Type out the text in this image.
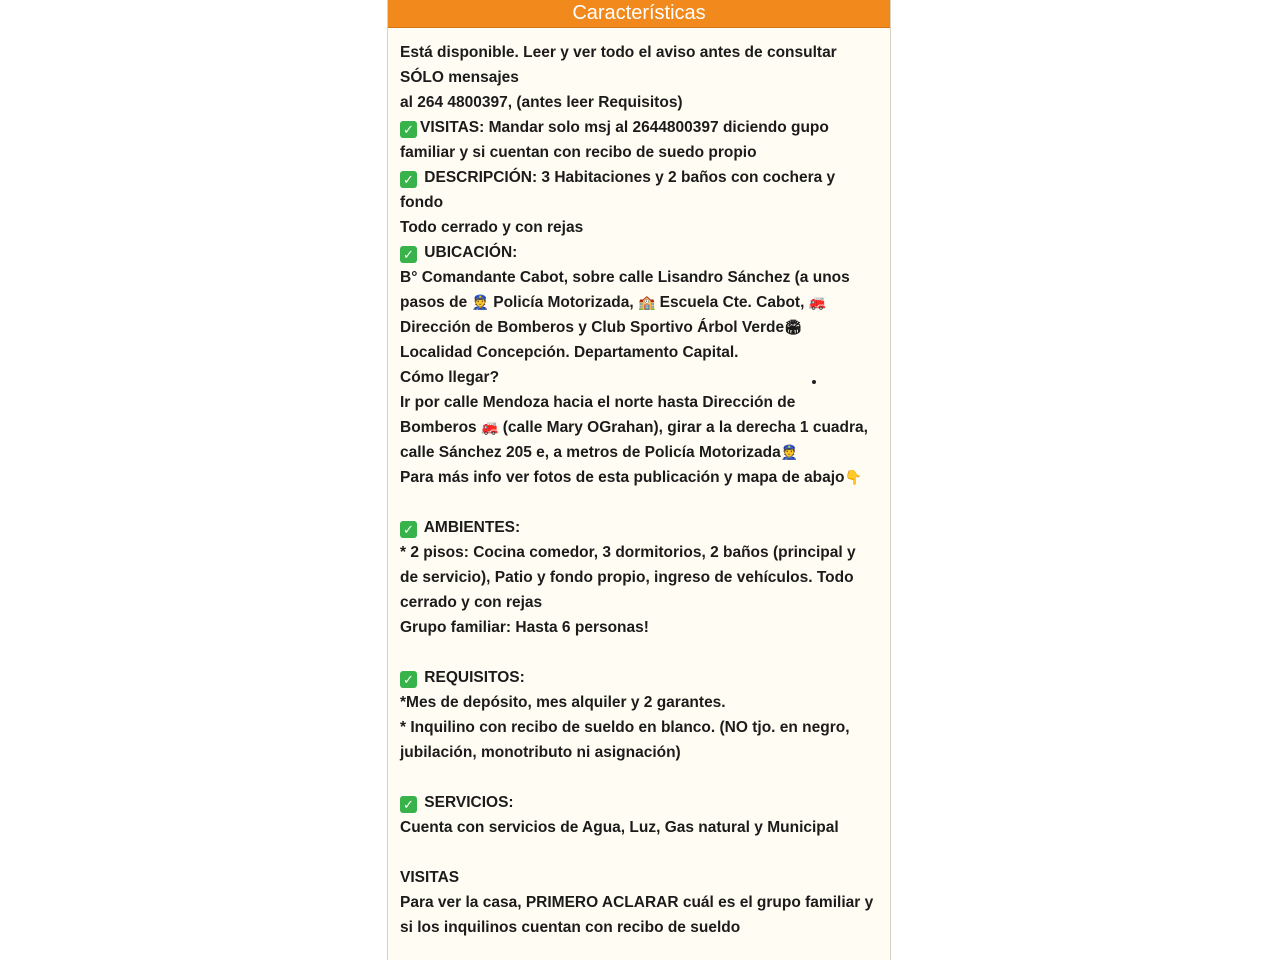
Características
Está disponible. Leer y ver todo el aviso antes de consultar
SÓLO mensajes
al 264 4800397, (antes leer Requisitos)
✓ VISITAS: Mandar solo msj al 2644800397 diciendo gupo
familiar y si cuentan con recibo de suedo propio
✓ DESCRIPCIÓN: 3 Habitaciones y 2 baños con cochera y
fondo
Todo cerrado y con rejas
✓ UBICACIÓN:
B° Comandante Cabot, sobre calle Lisandro Sánchez (a unos
pasos de 👮 Policía Motorizada, 🏫 Escuela Cte. Cabot, 🚒
Dirección de Bomberos y Club Sportivo Árbol Verde🏟
Localidad Concepción. Departamento Capital.
Cómo llegar?
Ir por calle Mendoza hacia el norte hasta Dirección de
Bomberos 🚒 (calle Mary OGrahan), girar a la derecha 1 cuadra,
calle Sánchez 205 e, a metros de Policía Motorizada👮
Para más info ver fotos de esta publicación y mapa de abajo👇
✓ AMBIENTES:
* 2 pisos: Cocina comedor, 3 dormitorios, 2 baños (principal y
de servicio), Patio y fondo propio, ingreso de vehículos. Todo
cerrado y con rejas
Grupo familiar: Hasta 6 personas!
✓ REQUISITOS:
*Mes de depósito, mes alquiler y 2 garantes.
* Inquilino con recibo de sueldo en blanco. (NO tjo. en negro,
jubilación, monotributo ni asignación)
✓ SERVICIOS:
Cuenta con servicios de Agua, Luz, Gas natural y Municipal
VISITAS
Para ver la casa, PRIMERO ACLARAR cuál es el grupo familiar y
si los inquilinos cuentan con recibo de sueldo
